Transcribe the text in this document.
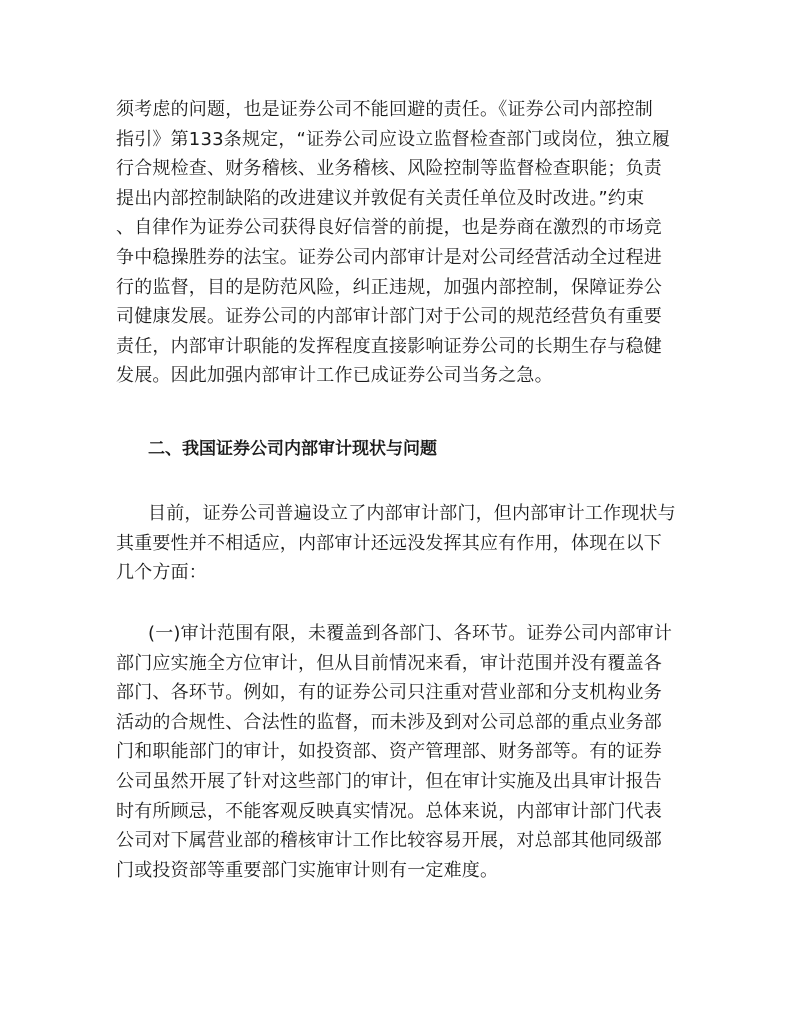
须考虑的问题，也是证券公司不能回避的责任。《证券公司内部控制
指引》第133条规定，“证券公司应设立监督检查部门或岗位，独立履
行合规检查、财务稽核、业务稽核、风险控制等监督检查职能；负责
提出内部控制缺陷的改进建议并敦促有关责任单位及时改进。”约束
、自律作为证券公司获得良好信誉的前提，也是券商在激烈的市场竞
争中稳操胜券的法宝。证券公司内部审计是对公司经营活动全过程进
行的监督，目的是防范风险，纠正违规，加强内部控制，保障证券公
司健康发展。证券公司的内部审计部门对于公司的规范经营负有重要
责任，内部审计职能的发挥程度直接影响证券公司的长期生存与稳健
发展。因此加强内部审计工作已成证券公司当务之急。
二、我国证券公司内部审计现状与问题
目前，证券公司普遍设立了内部审计部门，但内部审计工作现状与
其重要性并不相适应，内部审计还远没发挥其应有作用，体现在以下
几个方面：
(一)审计范围有限，未覆盖到各部门、各环节。证券公司内部审计
部门应实施全方位审计，但从目前情况来看，审计范围并没有覆盖各
部门、各环节。例如，有的证券公司只注重对营业部和分支机构业务
活动的合规性、合法性的监督，而未涉及到对公司总部的重点业务部
门和职能部门的审计，如投资部、资产管理部、财务部等。有的证券
公司虽然开展了针对这些部门的审计，但在审计实施及出具审计报告
时有所顾忌，不能客观反映真实情况。总体来说，内部审计部门代表
公司对下属营业部的稽核审计工作比较容易开展，对总部其他同级部
门或投资部等重要部门实施审计则有一定难度。
